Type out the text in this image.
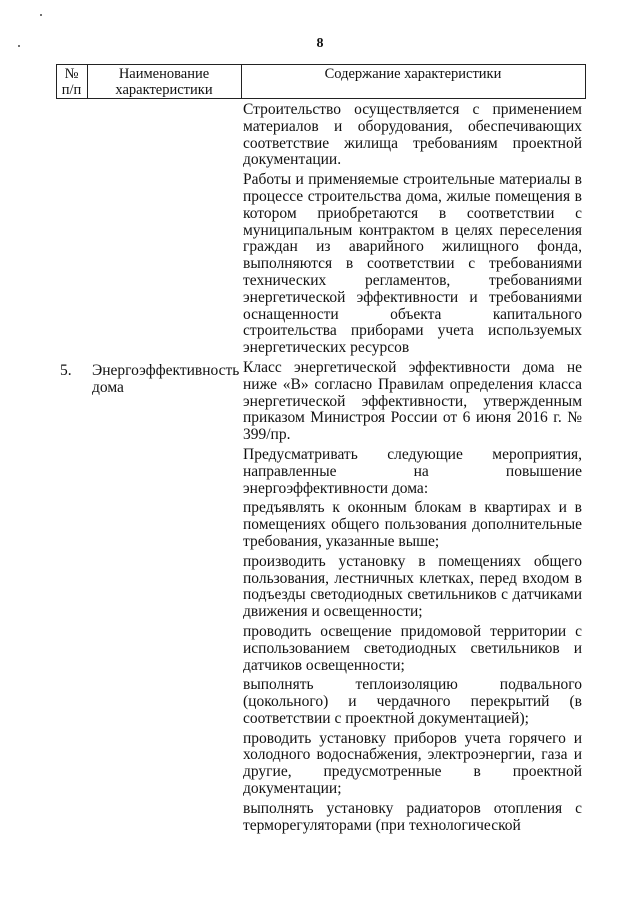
8
№
п/п
Наименование
характеристики
Содержание характеристики

Строительство осуществляется с применением материалов и оборудования, обеспечивающих соответствие жилища требованиям проектной документации.

Работы и применяемые строительные материалы в процессе строительства дома, жилые помещения в котором приобретаются в соответствии с муниципальным контрактом в целях переселения граждан из аварийного жилищного фонда, выполняются в соответствии с требованиями технических регламентов, требованиями энергетической эффективности и требованиями оснащенности объекта капитального строительства приборами учета используемых энергетических ресурсов

Класс энергетической эффективности дома не ниже «В» согласно Правилам определения класса энергетической эффективности, утвержденным приказом Министроя России от 6 июня 2016 г. № 399/пр.

Предусматривать следующие мероприятия, направленные на повышение энергоэффективности дома:

предъявлять к оконным блокам в квартирах и в помещениях общего пользования дополнительные требования, указанные выше;

производить установку в помещениях общего пользования, лестничных клетках, перед входом в подъезды светодиодных светильников с датчиками движения и освещенности;

проводить освещение придомовой территории с использованием светодиодных светильников и датчиков освещенности;

выполнять теплоизоляцию подвального (цокольного) и чердачного перекрытий (в соответствии с проектной документацией);

проводить установку приборов учета горячего и холодного водоснабжения, электроэнергии, газа и другие, предусмотренные в проектной документации;

выполнять установку радиаторов отопления с терморегуляторами (при технологической

5. Энергоэффективность дома
